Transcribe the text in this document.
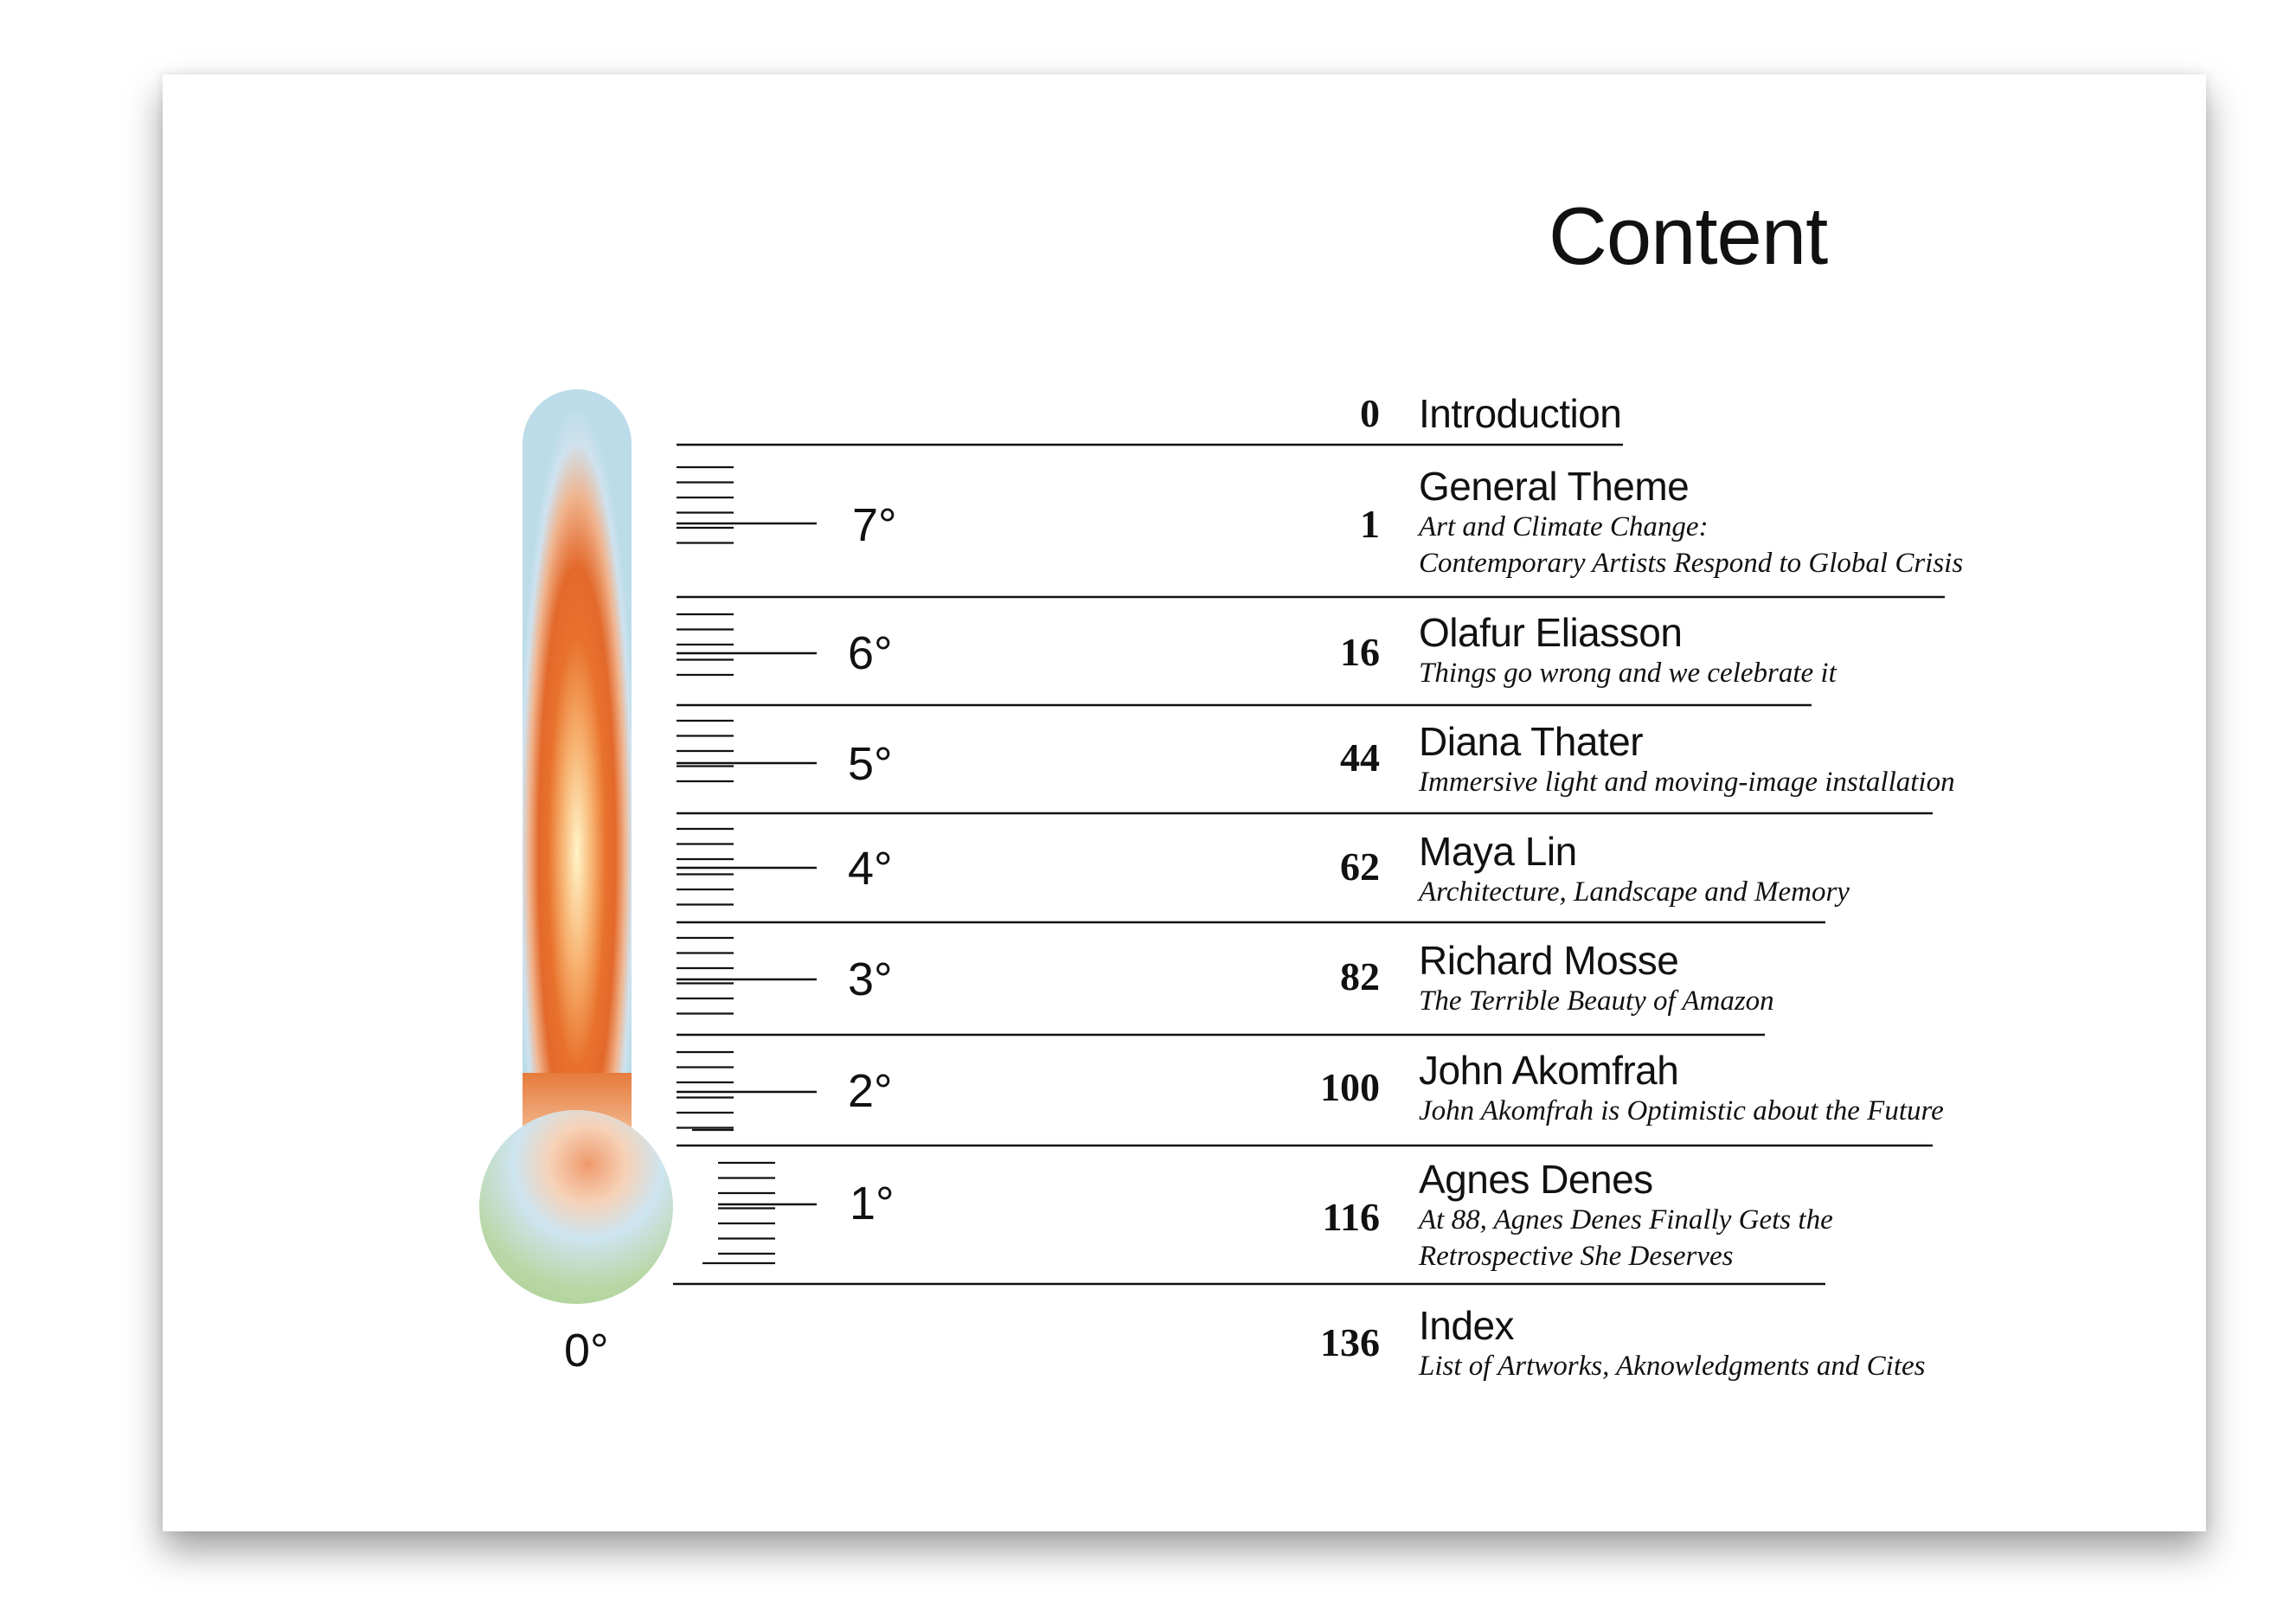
Content
7°
6°
5°
4°
3°
2°
1°
0°
0
1
16
44
62
82
100
116
136
Introduction
General Theme
Art and Climate Change:
Contemporary Artists Respond to Global Crisis
Olafur Eliasson
Things go wrong and we celebrate it
Diana Thater
Immersive light and moving-image installation
Maya Lin
Architecture, Landscape and Memory
Richard Mosse
The Terrible Beauty of Amazon
John Akomfrah
John Akomfrah is Optimistic about the Future
Agnes Denes
At 88, Agnes Denes Finally Gets the
Retrospective She Deserves
Index
List of Artworks, Aknowledgments and Cites
